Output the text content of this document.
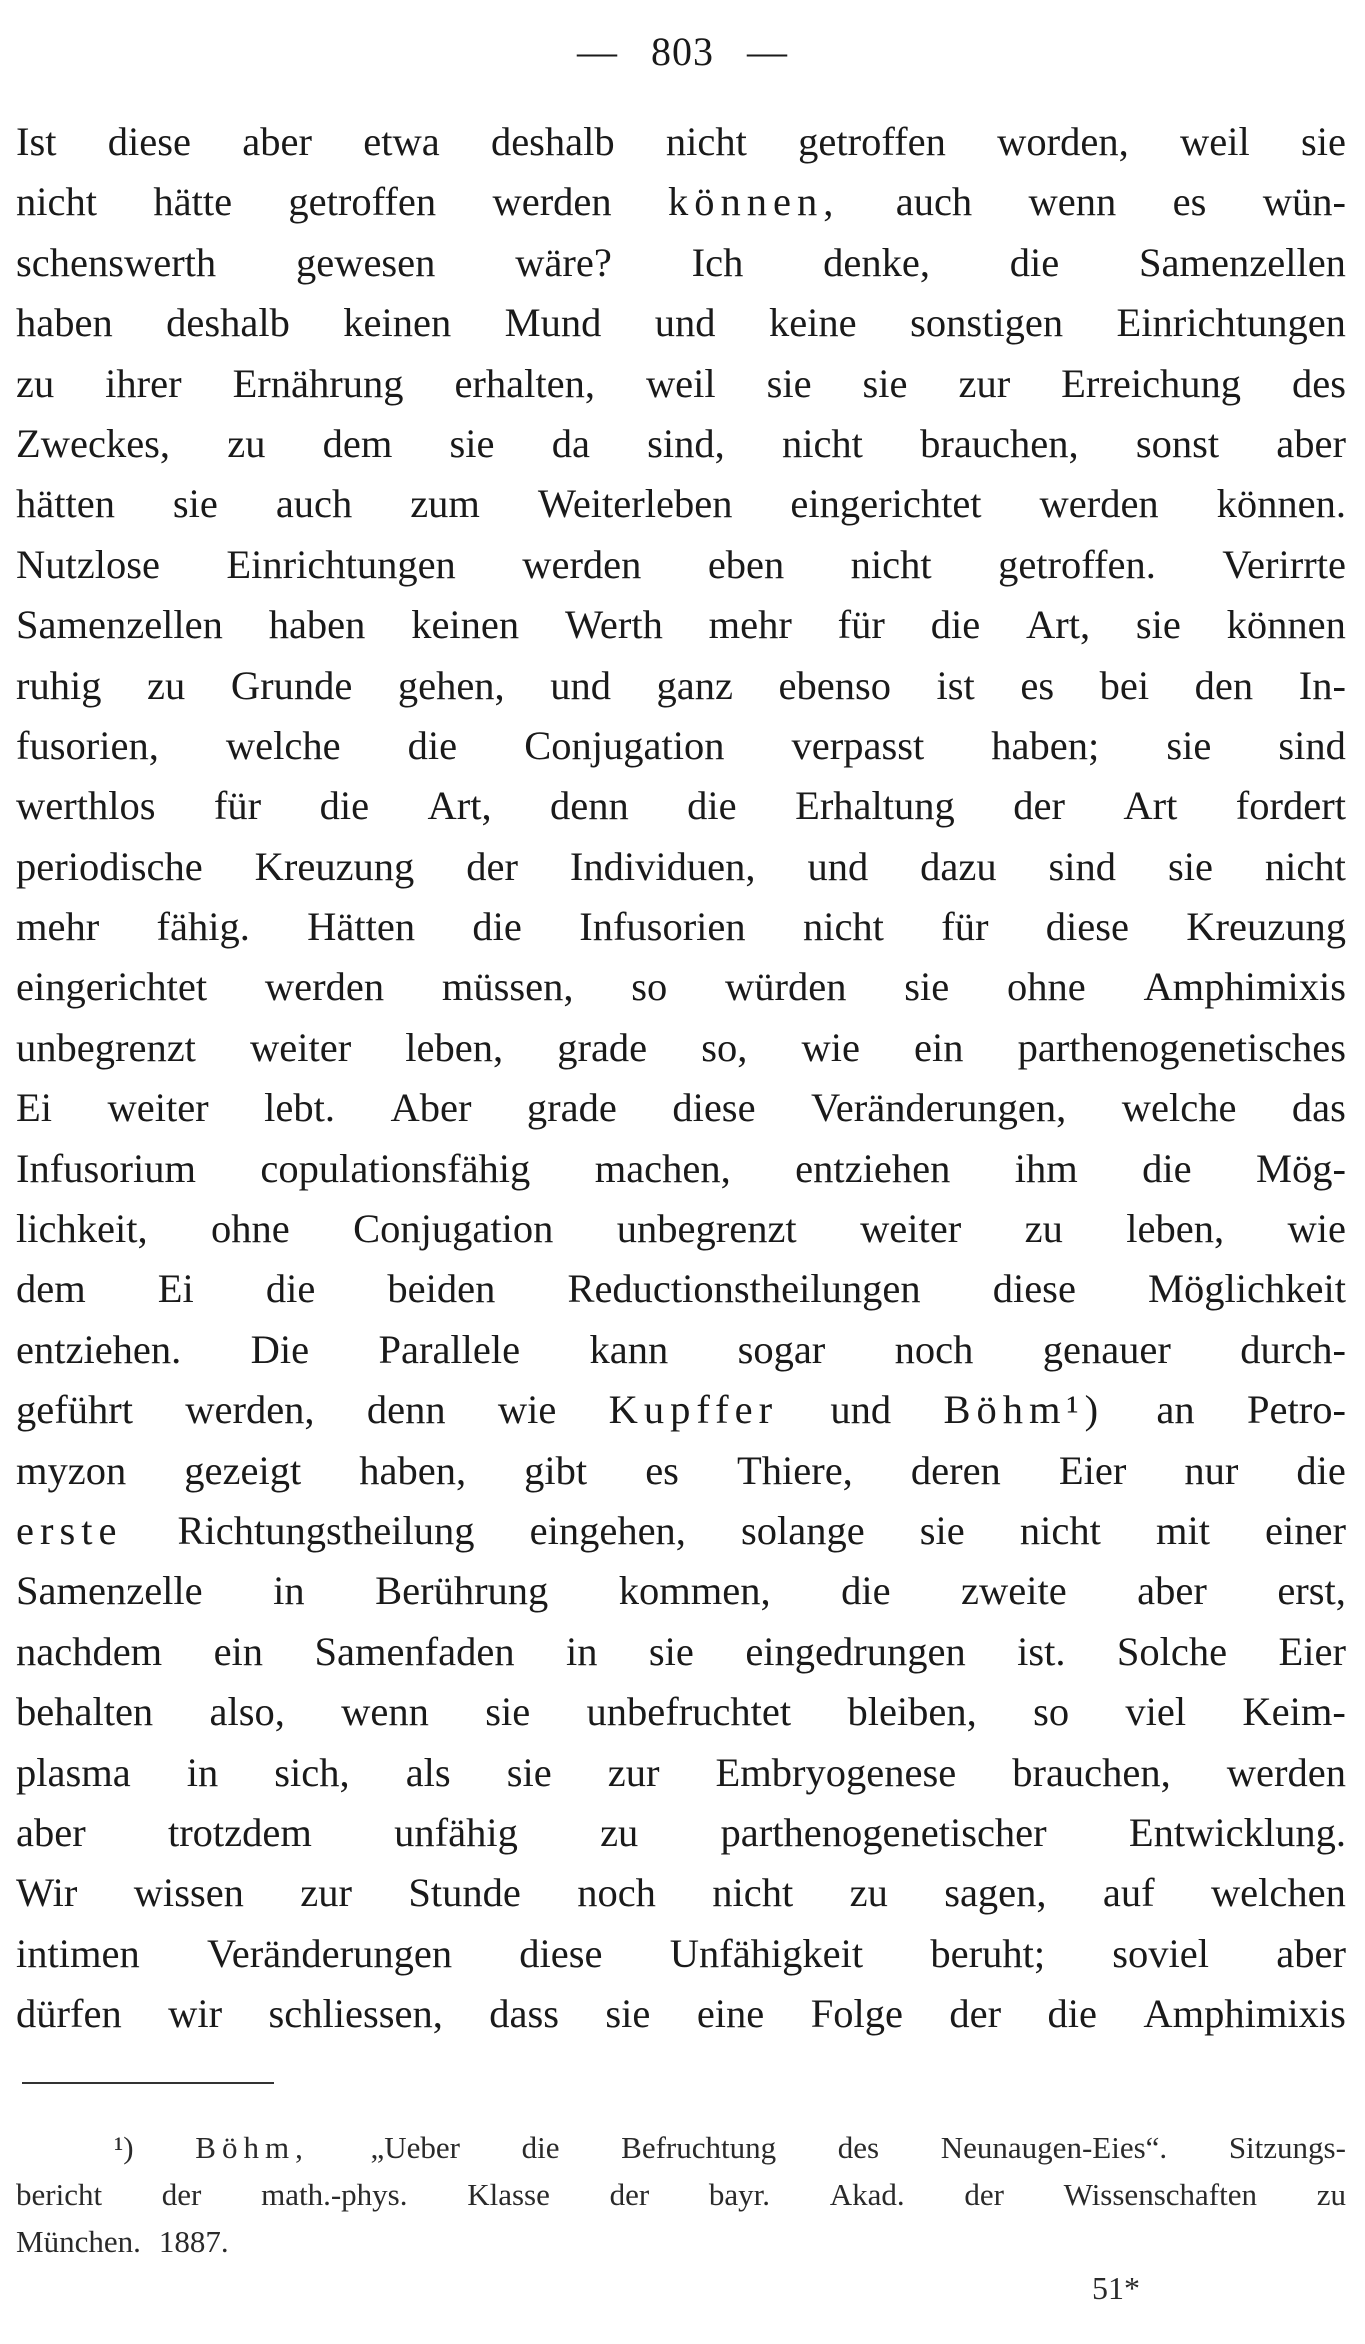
— 803 —
Ist diese aber etwa deshalb nicht getroffen worden, weil sie
nicht hätte getroffen werden können, auch wenn es wün-
schenswerth gewesen wäre? Ich denke, die Samenzellen
haben deshalb keinen Mund und keine sonstigen Einrichtungen
zu ihrer Ernährung erhalten, weil sie sie zur Erreichung des
Zweckes, zu dem sie da sind, nicht brauchen, sonst aber
hätten sie auch zum Weiterleben eingerichtet werden können.
Nutzlose Einrichtungen werden eben nicht getroffen. Verirrte
Samenzellen haben keinen Werth mehr für die Art, sie können
ruhig zu Grunde gehen, und ganz ebenso ist es bei den In-
fusorien, welche die Conjugation verpasst haben; sie sind
werthlos für die Art, denn die Erhaltung der Art fordert
periodische Kreuzung der Individuen, und dazu sind sie nicht
mehr fähig. Hätten die Infusorien nicht für diese Kreuzung
eingerichtet werden müssen, so würden sie ohne Amphimixis
unbegrenzt weiter leben, grade so, wie ein parthenogenetisches
Ei weiter lebt. Aber grade diese Veränderungen, welche das
Infusorium copulationsfähig machen, entziehen ihm die Mög-
lichkeit, ohne Conjugation unbegrenzt weiter zu leben, wie
dem Ei die beiden Reductionstheilungen diese Möglichkeit
entziehen. Die Parallele kann sogar noch genauer durch-
geführt werden, denn wie Kupffer und Böhm¹) an Petro-
myzon gezeigt haben, gibt es Thiere, deren Eier nur die
erste Richtungstheilung eingehen, solange sie nicht mit einer
Samenzelle in Berührung kommen, die zweite aber erst,
nachdem ein Samenfaden in sie eingedrungen ist. Solche Eier
behalten also, wenn sie unbefruchtet bleiben, so viel Keim-
plasma in sich, als sie zur Embryogenese brauchen, werden
aber trotzdem unfähig zu parthenogenetischer Entwicklung.
Wir wissen zur Stunde noch nicht zu sagen, auf welchen
intimen Veränderungen diese Unfähigkeit beruht; soviel aber
dürfen wir schliessen, dass sie eine Folge der die Amphimixis
¹) Böhm, „Ueber die Befruchtung des Neunaugen-Eies“. Sitzungs-
bericht der math.-phys. Klasse der bayr. Akad. der Wissenschaften zu
München. 1887.
51*
